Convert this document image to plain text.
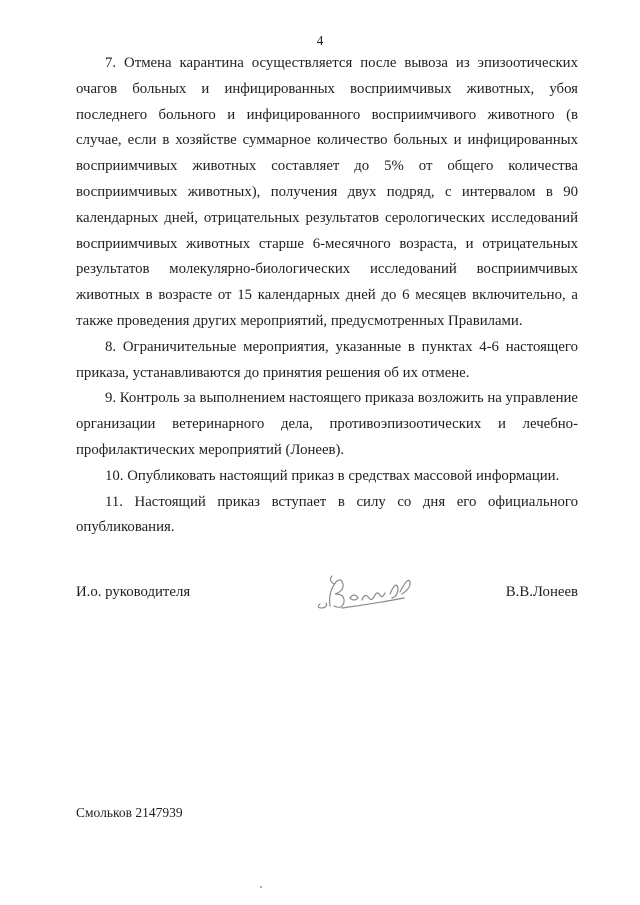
4

7. Отмена карантина осуществляется после вывоза из эпизоотических очагов больных и инфицированных восприимчивых животных, убоя последнего больного и инфицированного восприимчивого животного (в случае, если в хозяйстве суммарное количество больных и инфицированных восприимчивых животных составляет до 5% от общего количества восприимчивых животных), получения двух подряд, с интервалом в 90 календарных дней, отрицательных результатов серологических исследований восприимчивых животных старше 6-месячного возраста, и отрицательных результатов молекулярно-биологических исследований восприимчивых животных в возрасте от 15 календарных дней до 6 месяцев включительно, а также проведения других мероприятий, предусмотренных Правилами.

8. Ограничительные мероприятия, указанные в пунктах 4-6 настоящего приказа, устанавливаются до принятия решения об их отмене.

9. Контроль за выполнением настоящего приказа возложить на управление организации ветеринарного дела, противоэпизоотических и лечебно-профилактических мероприятий (Лонеев).

10. Опубликовать настоящий приказ в средствах массовой информации.

11. Настоящий приказ вступает в силу со дня его официального опубликования.

И.о. руководителя	В.В.Лонеев
Смольков 2147939
